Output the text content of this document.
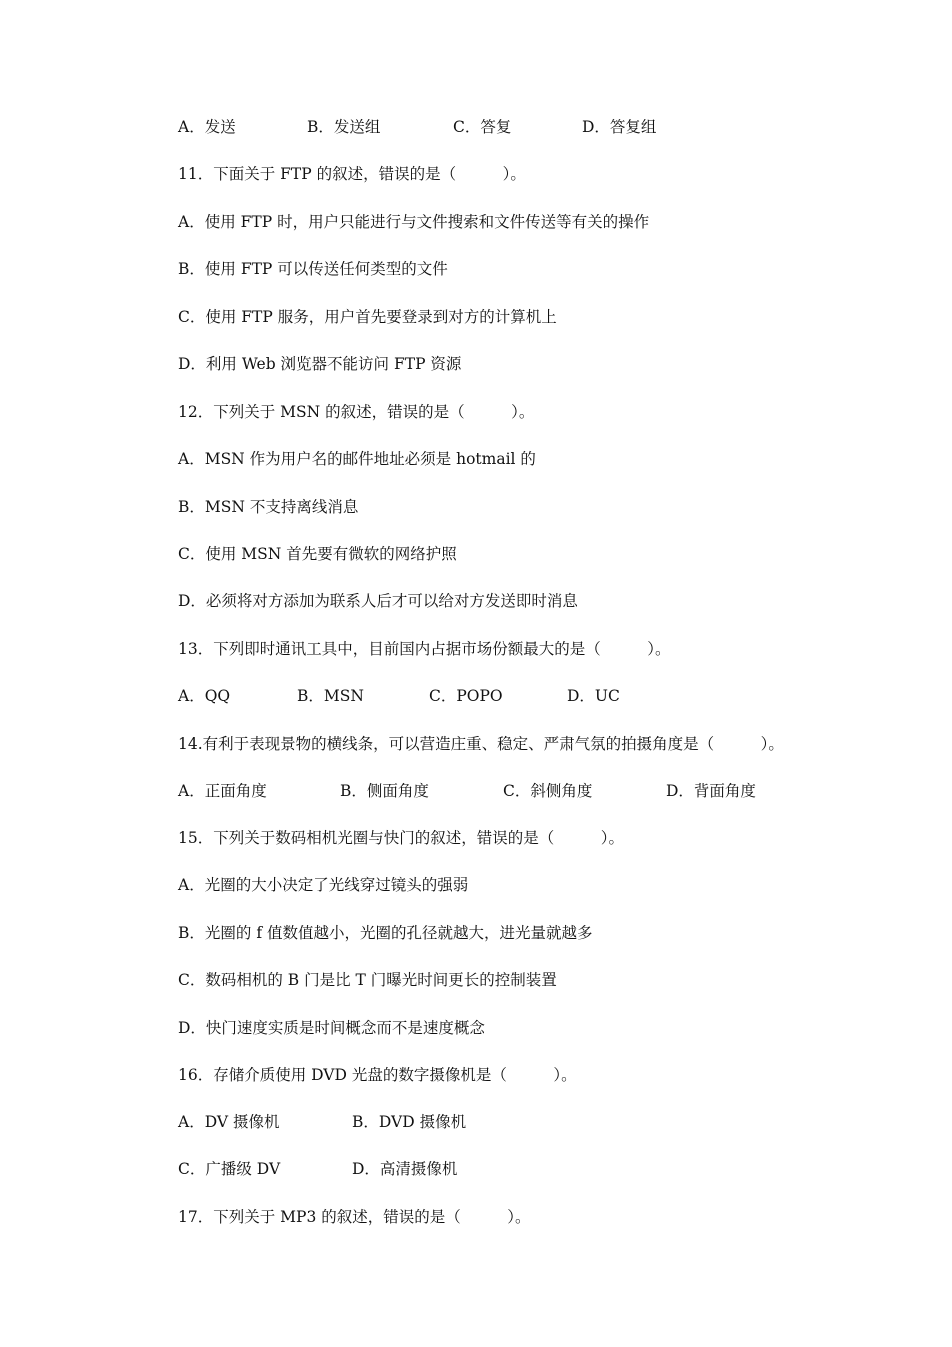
A．发送	B．发送组	C．答复	D．答复组
11．下面关于 FTP 的叙述，错误的是（　　　）。
A．使用 FTP 时，用户只能进行与文件搜索和文件传送等有关的操作
B．使用 FTP 可以传送任何类型的文件
C．使用 FTP 服务，用户首先要登录到对方的计算机上
D．利用 Web 浏览器不能访问 FTP 资源
12．下列关于 MSN 的叙述，错误的是（　　　）。
A．MSN 作为用户名的邮件地址必须是 hotmail 的
B．MSN 不支持离线消息
C．使用 MSN 首先要有微软的网络护照
D．必须将对方添加为联系人后才可以给对方发送即时消息
13．下列即时通讯工具中，目前国内占据市场份额最大的是（　　　）。
A．QQ	B．MSN	C．POPO	D．UC
14.有利于表现景物的横线条，可以营造庄重、稳定、严肃气氛的拍摄角度是（　　　）。
A．正面角度	B．侧面角度	C．斜侧角度	D．背面角度
15．下列关于数码相机光圈与快门的叙述，错误的是（　　　）。
A．光圈的大小决定了光线穿过镜头的强弱
B．光圈的 f 值数值越小，光圈的孔径就越大，进光量就越多
C．数码相机的 B 门是比 T 门曝光时间更长的控制装置
D．快门速度实质是时间概念而不是速度概念
16．存储介质使用 DVD 光盘的数字摄像机是（　　　）。
A．DV 摄像机	B．DVD 摄像机
C．广播级 DV	D．高清摄像机
17．下列关于 MP3 的叙述，错误的是（　　　）。
